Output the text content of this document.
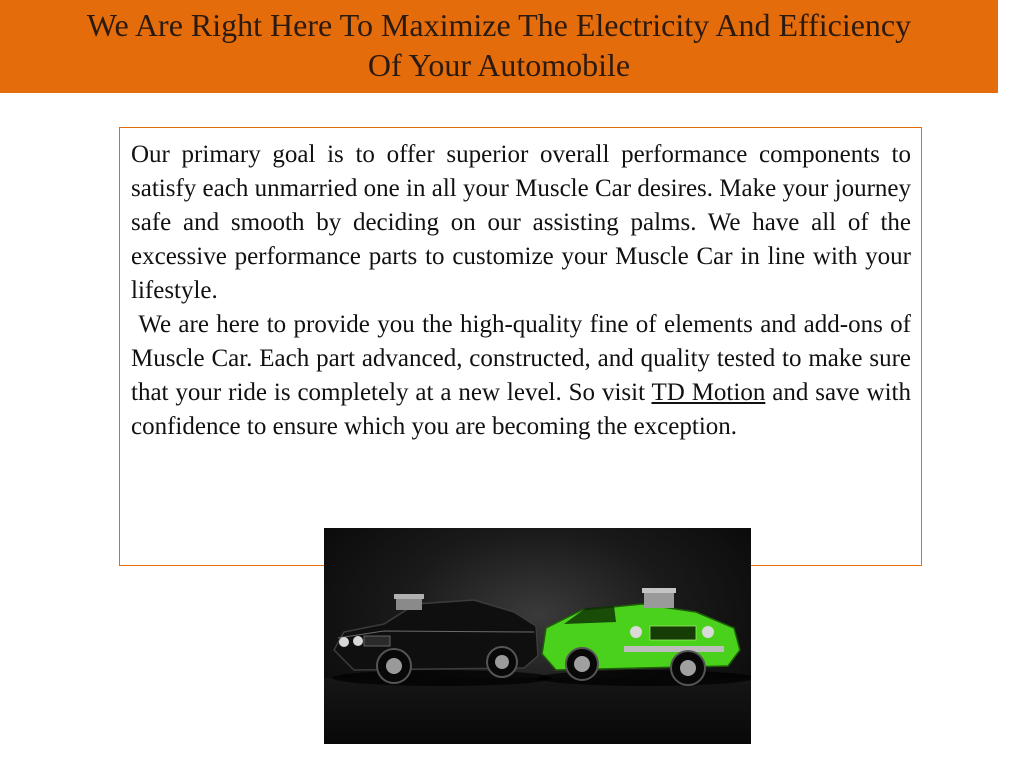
We Are Right Here To Maximize The Electricity And Efficiency
Of Your Automobile

Our primary goal is to offer superior overall performance components to satisfy each unmarried one in all your Muscle Car desires. Make your journey safe and smooth by deciding on our assisting palms. We have all of the excessive performance parts to customize your Muscle Car in line with your lifestyle.

We are here to provide you the high-quality fine of elements and add-ons of Muscle Car. Each part advanced, constructed, and quality tested to make sure that your ride is completely at a new level. So visit TD Motion and save with confidence to ensure which you are becoming the exception.
